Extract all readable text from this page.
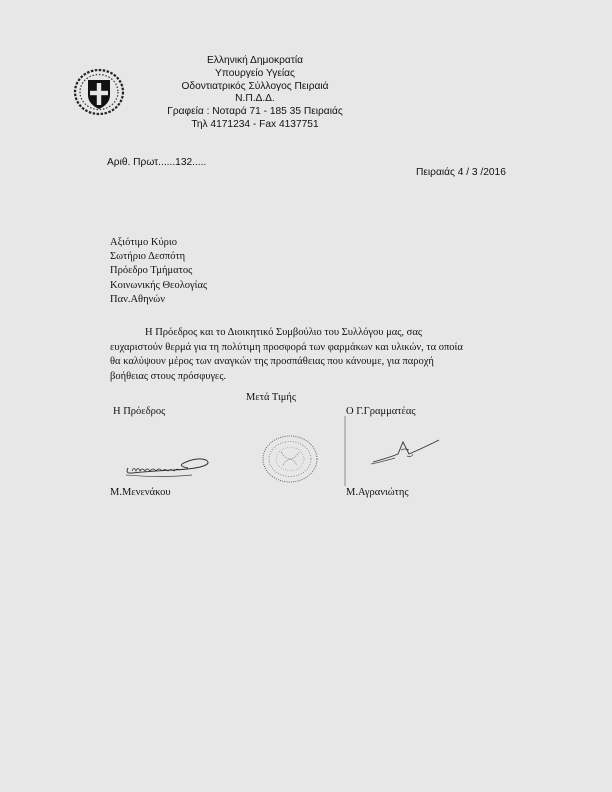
Ελληνική Δημοκρατία
Υπουργείο Υγείας
Οδοντιατρικός Σύλλογος Πειραιά
Ν.Π.Δ.Δ.
Γραφεία : Νοταρά 71 - 185 35 Πειραιάς
Τηλ 4171234 - Fax 4137751
Αριθ. Πρωτ......132.....
Πειραιάς 4 / 3 /2016
Αξιότιμο Κύριο
Σωτήριο Δεσπότη
Πρόεδρο Τμήματος
Κοινωνικής Θεολογίας
Παν.Αθηνών
Η Πρόεδρος και το Διοικητικό Συμβούλιο του Συλλόγου μας, σας
ευχαριστούν θερμά για τη πολύτιμη προσφορά των φαρμάκων και υλικών, τα οποία
θα καλύψουν μέρος των αναγκών της προσπάθειας που κάνουμε, για παροχή
βοήθειας στους πρόσφυγες.
Μετά Τιμής
Η Πρόεδρος	Ο Γ.Γραμματέας
Μ.Μενενάκου	Μ.Αγρανιώτης
